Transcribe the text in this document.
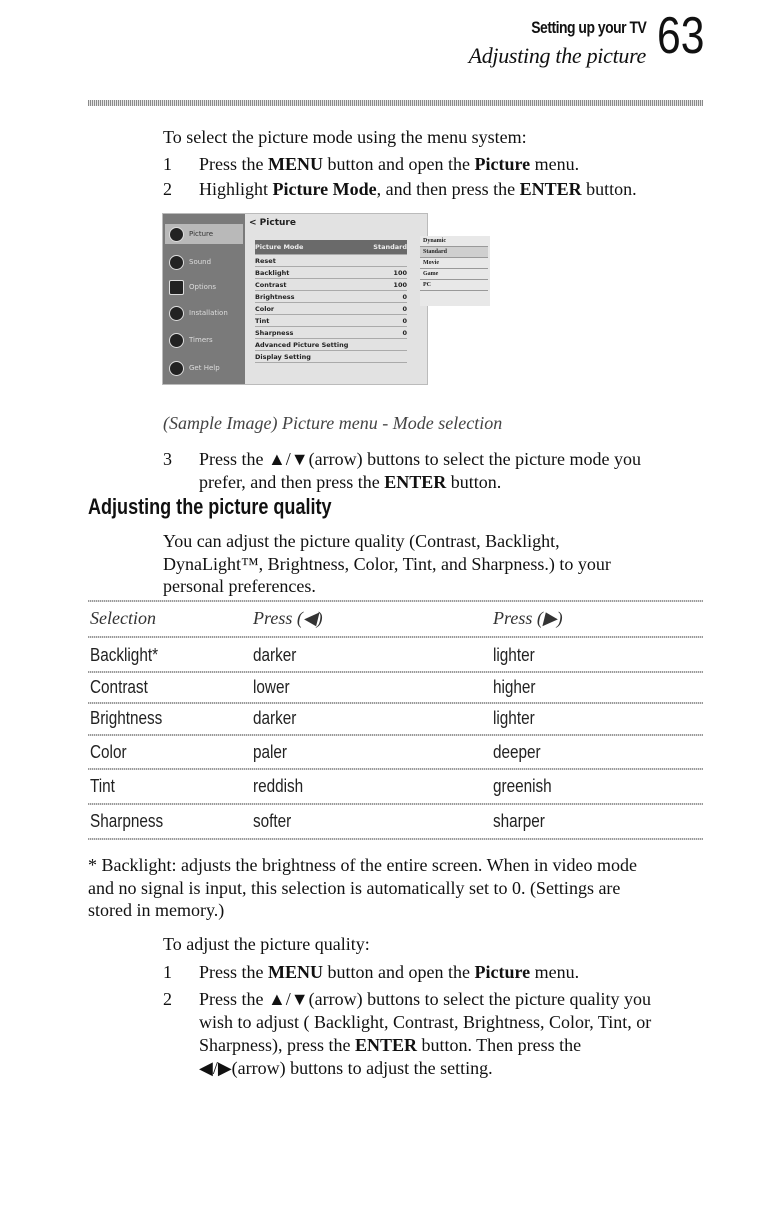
Setting up your TV
Adjusting the picture 63
To select the picture mode using the menu system:
1 Press the MENU button and open the Picture menu.
2 Highlight Picture Mode, and then press the ENTER button.
Picture
Sound
Options
Installation
Timers
Get Help
< Picture
Picture Mode	Standard
Reset
Backlight	100
Contrast	100
Brightness	0
Color	0
Tint	0
Sharpness	0
Advanced Picture Setting
Display Setting
Dynamic
Standard
Movie
Game
PC
(Sample Image) Picture menu - Mode selection
3 Press the ▲/▼(arrow) buttons to select the picture mode you
prefer, and then press the ENTER button.
Adjusting the picture quality
You can adjust the picture quality (Contrast, Backlight,
DynaLight™, Brightness, Color, Tint, and Sharpness.) to your
personal preferences.
Selection	Press (◀)	Press (▶)
Backlight*	darker	lighter
Contrast	lower	higher
Brightness	darker	lighter
Color	paler	deeper
Tint	reddish	greenish
Sharpness	softer	sharper
* Backlight: adjusts the brightness of the entire screen. When in video mode
and no signal is input, this selection is automatically set to 0. (Settings are
stored in memory.)
To adjust the picture quality:
1 Press the MENU button and open the Picture menu.
2 Press the ▲/▼(arrow) buttons to select the picture quality you
wish to adjust ( Backlight, Contrast, Brightness, Color, Tint, or
Sharpness), press the ENTER button. Then press the
◀/▶(arrow) buttons to adjust the setting.
